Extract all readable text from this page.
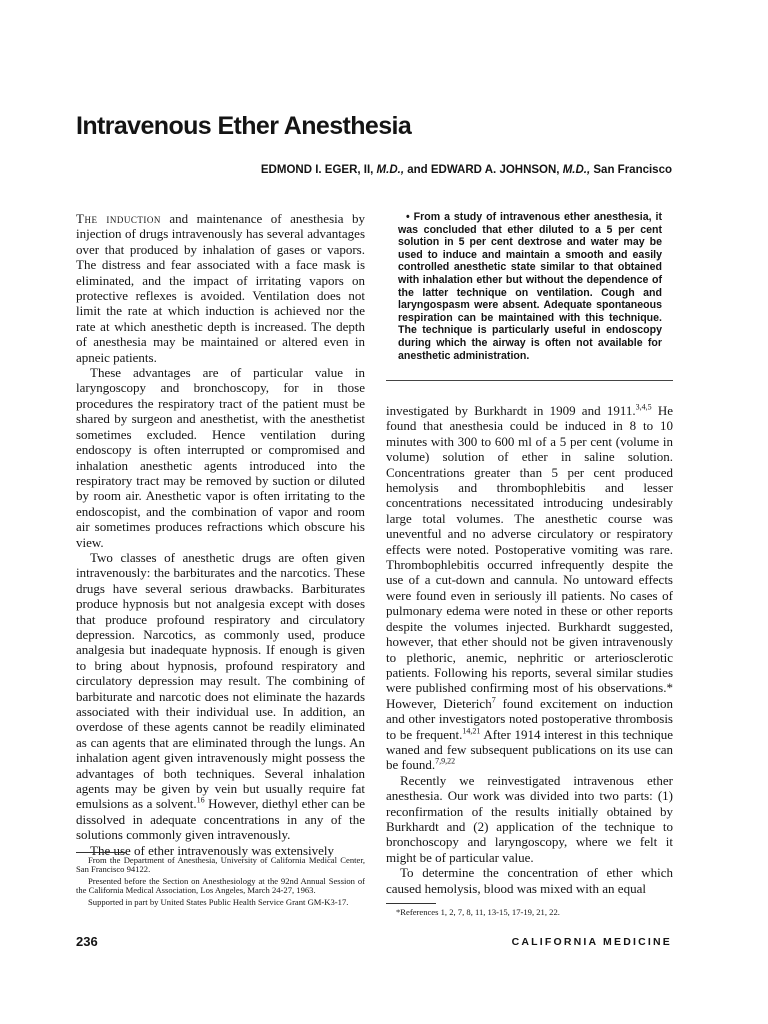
Intravenous Ether Anesthesia

EDMOND I. EGER, II, M.D., and EDWARD A. JOHNSON, M.D., San Francisco

The induction and maintenance of anesthesia by injection of drugs intravenously has several advantages over that produced by inhalation of gases or vapors. The distress and fear associated with a face mask is eliminated, and the impact of irritating vapors on protective reflexes is avoided. Ventilation does not limit the rate at which induction is achieved nor the rate at which anesthetic depth is increased. The depth of anesthesia may be maintained or altered even in apneic patients.

These advantages are of particular value in laryngoscopy and bronchoscopy, for in those procedures the respiratory tract of the patient must be shared by surgeon and anesthetist, with the anesthetist sometimes excluded. Hence ventilation during endoscopy is often interrupted or compromised and inhalation anesthetic agents introduced into the respiratory tract may be removed by suction or diluted by room air. Anesthetic vapor is often irritating to the endoscopist, and the combination of vapor and room air sometimes produces refractions which obscure his view.

Two classes of anesthetic drugs are often given intravenously: the barbiturates and the narcotics. These drugs have several serious drawbacks. Barbiturates produce hypnosis but not analgesia except with doses that produce profound respiratory and circulatory depression. Narcotics, as commonly used, produce analgesia but inadequate hypnosis. If enough is given to bring about hypnosis, profound respiratory and circulatory depression may result. The combining of barbiturate and narcotic does not eliminate the hazards associated with their individual use. In addition, an overdose of these agents cannot be readily eliminated as can agents that are eliminated through the lungs. An inhalation agent given intravenously might possess the advantages of both techniques. Several inhalation agents may be given by vein but usually require fat emulsions as a solvent.$^{16}$ However, diethyl ether can be dissolved in adequate concentrations in any of the solutions commonly given intravenously.

The use of ether intravenously was extensively

• From a study of intravenous ether anesthesia, it was concluded that ether diluted to a 5 per cent solution in 5 per cent dextrose and water may be used to induce and maintain a smooth and easily controlled anesthetic state similar to that obtained with inhalation ether but without the dependence of the latter technique on ventilation. Cough and laryngospasm were absent. Adequate spontaneous respiration can be maintained with this technique. The technique is particularly useful in endoscopy during which the airway is often not available for anesthetic administration.

investigated by Burkhardt in 1909 and 1911.$^{3,4,5}$ He found that anesthesia could be induced in 8 to 10 minutes with 300 to 600 ml of a 5 per cent (volume in volume) solution of ether in saline solution. Concentrations greater than 5 per cent produced hemolysis and thrombophlebitis and lesser concentrations necessitated introducing undesirably large total volumes. The anesthetic course was uneventful and no adverse circulatory or respiratory effects were noted. Postoperative vomiting was rare. Thrombophlebitis occurred infrequently despite the use of a cut-down and cannula. No untoward effects were found even in seriously ill patients. No cases of pulmonary edema were noted in these or other reports despite the volumes injected. Burkhardt suggested, however, that ether should not be given intravenously to plethoric, anemic, nephritic or arteriosclerotic patients. Following his reports, several similar studies were published confirming most of his observations.* However, Dieterich$^7$ found excitement on induction and other investigators noted postoperative thrombosis to be frequent.$^{14,21}$ After 1914 interest in this technique waned and few subsequent publications on its use can be found.$^{7,9,22}$

Recently we reinvestigated intravenous ether anesthesia. Our work was divided into two parts: (1) reconfirmation of the results initially obtained by Burkhardt and (2) application of the technique to bronchoscopy and laryngoscopy, where we felt it might be of particular value.

To determine the concentration of ether which caused hemolysis, blood was mixed with an equal

From the Department of Anesthesia, University of California Medical Center, San Francisco 94122.

Presented before the Section on Anesthesiology at the 92nd Annual Session of the California Medical Association, Los Angeles, March 24-27, 1963.

Supported in part by United States Public Health Service Grant GM-K3-17.

*References 1, 2, 7, 8, 11, 13-15, 17-19, 21, 22.

236	CALIFORNIA MEDICINE
